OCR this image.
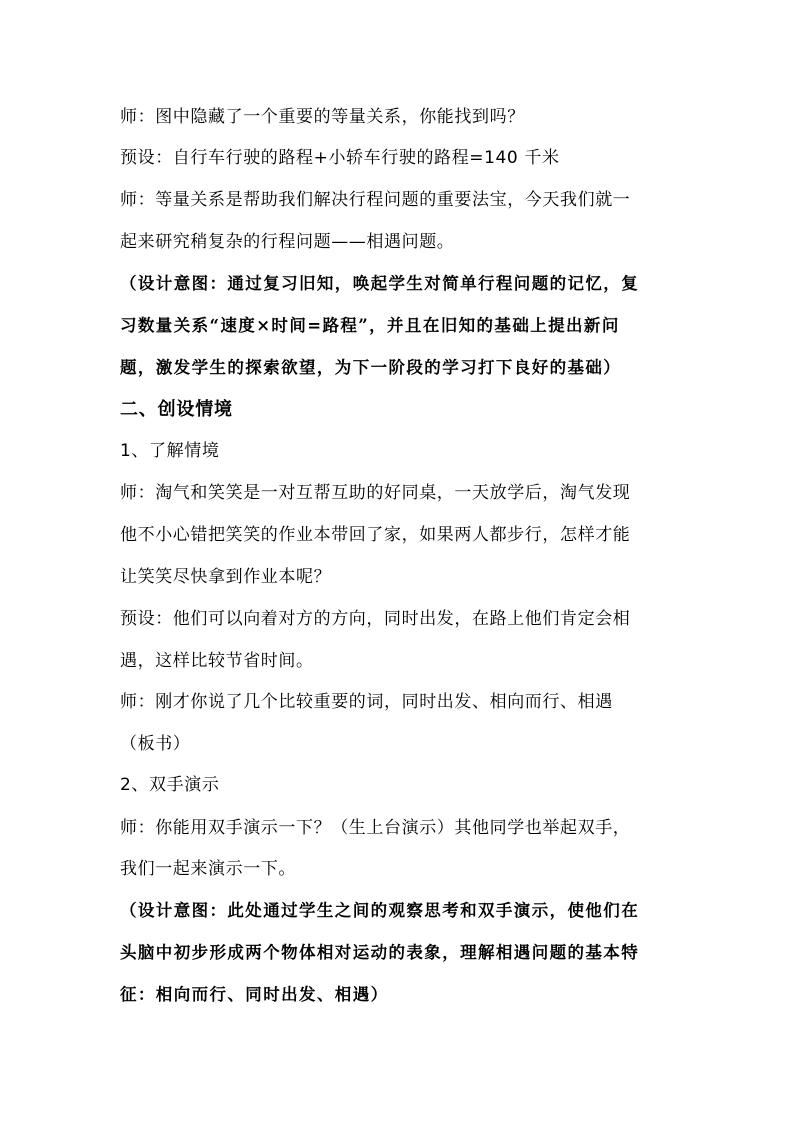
师：图中隐藏了一个重要的等量关系，你能找到吗？
预设：自行车行驶的路程+小轿车行驶的路程=140 千米
师：等量关系是帮助我们解决行程问题的重要法宝，今天我们就一
起来研究稍复杂的行程问题——相遇问题。
（设计意图：通过复习旧知，唤起学生对简单行程问题的记忆，复
习数量关系“速度×时间=路程”，并且在旧知的基础上提出新问
题，激发学生的探索欲望，为下一阶段的学习打下良好的基础）
二、创设情境
1、了解情境
师：淘气和笑笑是一对互帮互助的好同桌，一天放学后，淘气发现
他不小心错把笑笑的作业本带回了家，如果两人都步行，怎样才能
让笑笑尽快拿到作业本呢？
预设：他们可以向着对方的方向，同时出发，在路上他们肯定会相
遇，这样比较节省时间。
师：刚才你说了几个比较重要的词，同时出发、相向而行、相遇
（板书）
2、双手演示
师：你能用双手演示一下？（生上台演示）其他同学也举起双手，
我们一起来演示一下。
（设计意图：此处通过学生之间的观察思考和双手演示，使他们在
头脑中初步形成两个物体相对运动的表象，理解相遇问题的基本特
征：相向而行、同时出发、相遇）
